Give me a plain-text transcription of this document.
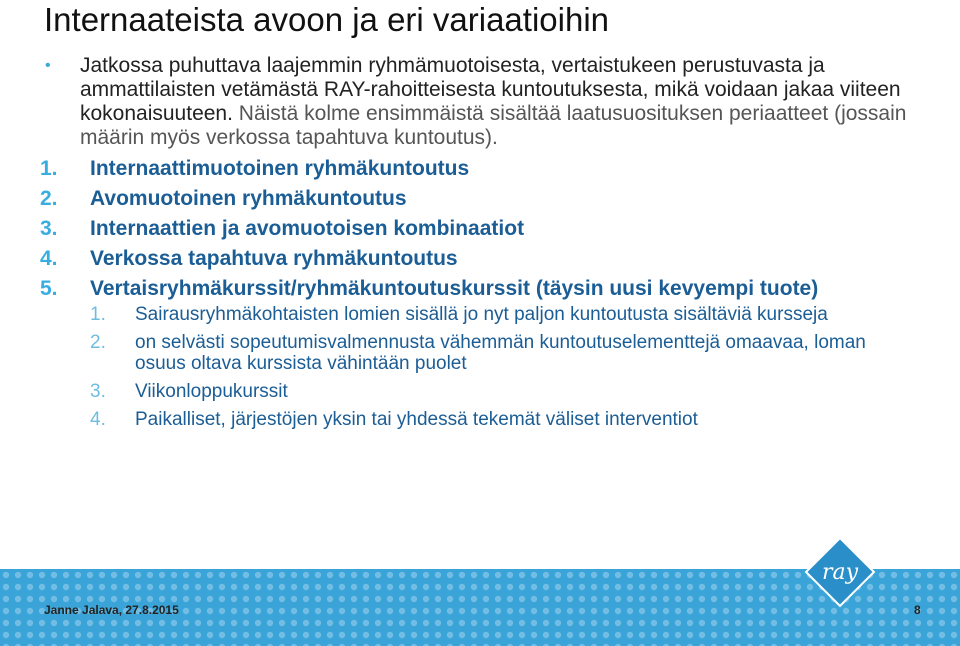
Internaateista avoon ja eri variaatioihin
•	Jatkossa puhuttava laajemmin ryhmämuotoisesta, vertaistukeen perustuvasta ja ammattilaisten vetämästä RAY-rahoitteisesta kuntoutuksesta, mikä voidaan jakaa viiteen kokonaisuuteen. Näistä kolme ensimmäistä sisältää laatusuosituksen periaatteet (jossain määrin myös verkossa tapahtuva kuntoutus).
1.	Internaattimuotoinen ryhmäkuntoutus
2.	Avomuotoinen ryhmäkuntoutus
3.	Internaattien ja avomuotoisen kombinaatiot
4.	Verkossa tapahtuva ryhmäkuntoutus
5.	Vertaisryhmäkurssit/ryhmäkuntoutuskurssit (täysin uusi kevyempi tuote)
1.	Sairausryhmäkohtaisten lomien sisällä jo nyt paljon kuntoutusta sisältäviä kursseja
2.	on selvästi sopeutumisvalmennusta vähemmän kuntoutuselementtejä omaavaa, loman osuus oltava kurssista vähintään puolet
3.	Viikonloppukurssit
4.	Paikalliset, järjestöjen yksin tai yhdessä tekemät väliset interventiot
ray
Janne Jalava, 27.8.2015	8
